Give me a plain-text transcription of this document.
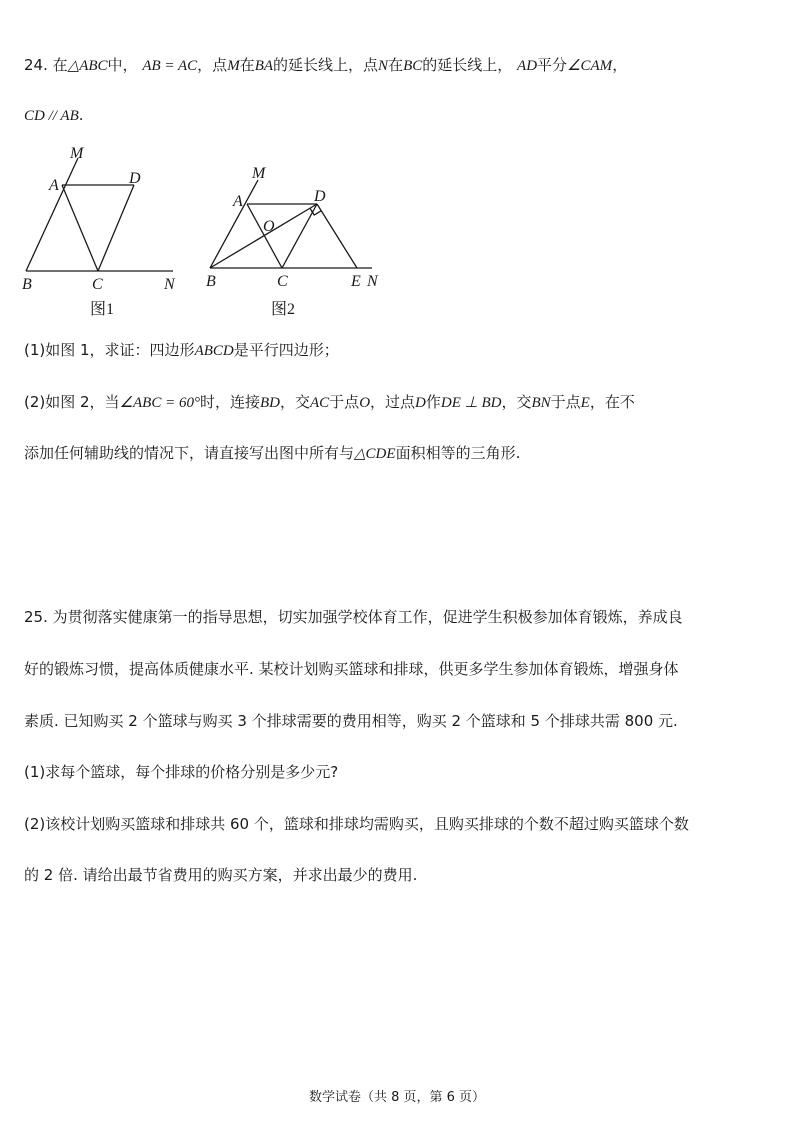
24. 在△ABC中， AB = AC，点M在BA的延长线上，点N在BC的延长线上， AD平分∠CAM，
CD // AB.
M
A	D
B	C	N
图1
M
A	D
O
B	C	E N
图2
(1)如图 1，求证：四边形ABCD是平行四边形；
(2)如图 2，当∠ABC = 60°时，连接BD，交AC于点O，过点D作DE ⊥ BD，交BN于点E，在不
添加任何辅助线的情况下，请直接写出图中所有与△CDE面积相等的三角形.
25. 为贯彻落实健康第一的指导思想，切实加强学校体育工作，促进学生积极参加体育锻炼，养成良
好的锻炼习惯，提高体质健康水平. 某校计划购买篮球和排球，供更多学生参加体育锻炼，增强身体
素质. 已知购买 2 个篮球与购买 3 个排球需要的费用相等，购买 2 个篮球和 5 个排球共需 800 元.
(1)求每个篮球，每个排球的价格分别是多少元?
(2)该校计划购买篮球和排球共 60 个，篮球和排球均需购买，且购买排球的个数不超过购买篮球个数
的 2 倍. 请给出最节省费用的购买方案，并求出最少的费用.
数学试卷（共 8 页，第 6 页）
